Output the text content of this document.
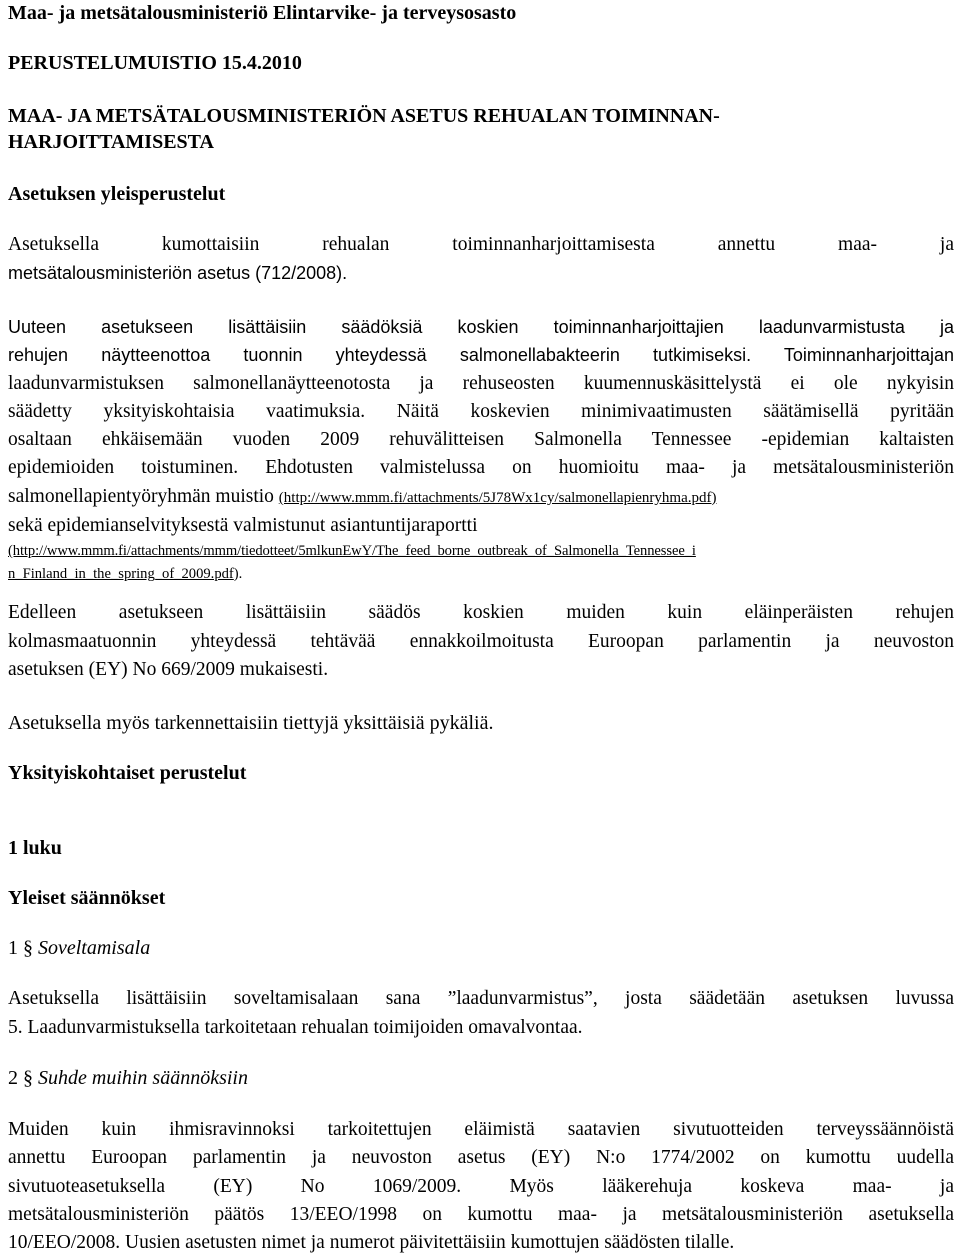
Maa- ja metsätalousministeriö Elintarvike- ja terveysosasto
PERUSTELUMUISTIO 15.4.2010
MAA- JA METSÄTALOUSMINISTERIÖN ASETUS REHUALAN TOIMINNAN-
HARJOITTAMISESTA
Asetuksen yleisperustelut
Asetuksella kumottaisiin rehualan toiminnanharjoittamisesta annettu maa- ja
metsätalousministeriön asetus (712/2008).
Uuteen asetukseen lisättäisiin säädöksiä koskien toiminnanharjoittajien laadunvarmistusta ja
rehujen näytteenottoa tuonnin yhteydessä salmonellabakteerin tutkimiseksi. Toiminnanharjoittajan
laadunvarmistuksen salmonellanäytteenotosta ja rehuseosten kuumennuskäsittelystä ei ole nykyisin
säädetty yksityiskohtaisia vaatimuksia. Näitä koskevien minimivaatimusten säätämisellä pyritään
osaltaan ehkäisemään vuoden 2009 rehuvälitteisen Salmonella Tennessee -epidemian kaltaisten
epidemioiden toistuminen. Ehdotusten valmistelussa on huomioitu maa- ja metsätalousministeriön
salmonellapientyöryhmän muistio (http://www.mmm.fi/attachments/5J78Wx1cy/salmonellapienryhma.pdf)
sekä epidemianselvityksestä valmistunut asiantuntijaraportti
(http://www.mmm.fi/attachments/mmm/tiedotteet/5mlkunEwY/The_feed_borne_outbreak_of_Salmonella_Tennessee_i
n_Finland_in_the_spring_of_2009.pdf).
Edelleen asetukseen lisättäisiin säädös koskien muiden kuin eläinperäisten rehujen
kolmasmaatuonnin yhteydessä tehtävää ennakkoilmoitusta Euroopan parlamentin ja neuvoston
asetuksen (EY) No 669/2009 mukaisesti.
Asetuksella myös tarkennettaisiin tiettyjä yksittäisiä pykäliä.
Yksityiskohtaiset perustelut
1 luku
Yleiset säännökset
1 § Soveltamisala
Asetuksella lisättäisiin soveltamisalaan sana ”laadunvarmistus”, josta säädetään asetuksen luvussa
5. Laadunvarmistuksella tarkoitetaan rehualan toimijoiden omavalvontaa.
2 § Suhde muihin säännöksiin
Muiden kuin ihmisravinnoksi tarkoitettujen eläimistä saatavien sivutuotteiden terveyssäännöistä
annettu Euroopan parlamentin ja neuvoston asetus (EY) N:o 1774/2002 on kumottu uudella
sivutuoteasetuksella (EY) No 1069/2009. Myös lääkerehuja koskeva maa- ja
metsätalousministeriön päätös 13/EEO/1998 on kumottu maa- ja metsätalousministeriön asetuksella
10/EEO/2008. Uusien asetusten nimet ja numerot päivitettäisiin kumottujen säädösten tilalle.
